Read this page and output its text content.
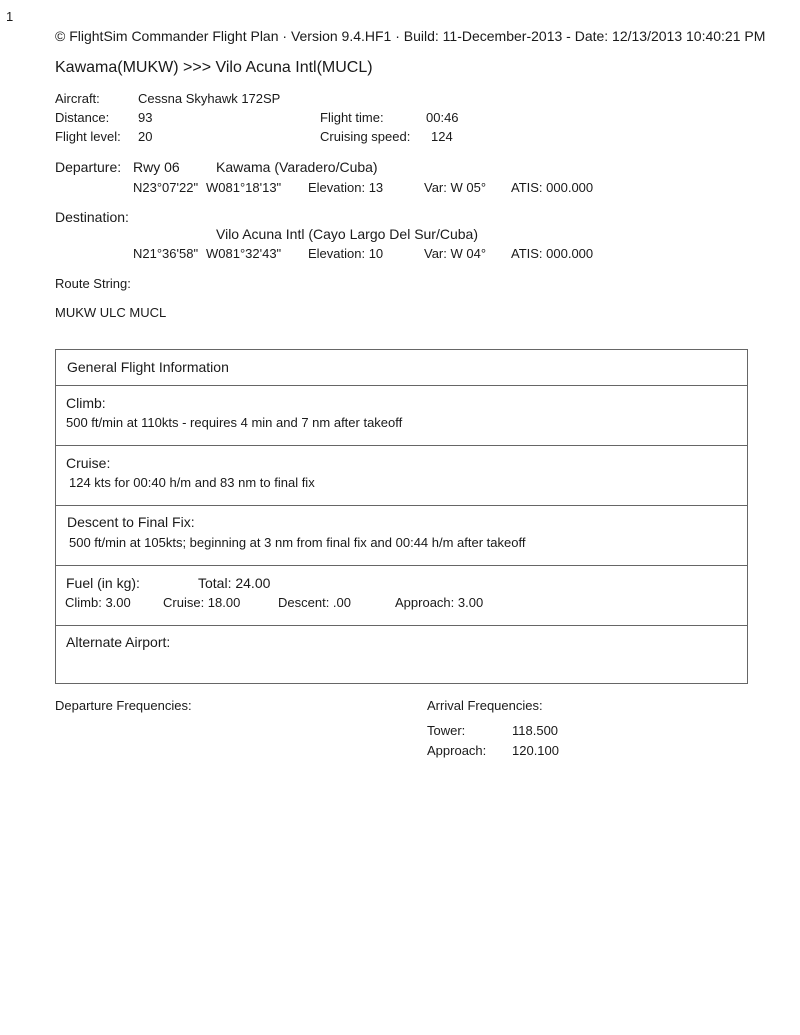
1
© FlightSim Commander Flight Plan · Version 9.4.HF1 · Build: 11-December-2013 - Date: 12/13/2013 10:40:21 PM
Kawama(MUKW) >>> Vilo Acuna Intl(MUCL)
Aircraft:	Cessna Skyhawk 172SP
Distance: 93	Flight time:	00:46
Flight level: 20	Cruising speed: 124
Departure: Rwy 06	Kawama (Varadero/Cuba)
N23°07'22" W081°18'13" Elevation: 13	Var: W 05° ATIS: 000.000
Destination:
Vilo Acuna Intl (Cayo Largo Del Sur/Cuba)
N21°36'58" W081°32'43" Elevation: 10	Var: W 04° ATIS: 000.000
Route String:
MUKW ULC MUCL
General Flight Information
Climb:
500 ft/min at 110kts - requires 4 min and 7 nm after takeoff
Cruise:
124 kts for 00:40 h/m and 83 nm to final fix
Descent to Final Fix:
500 ft/min at 105kts; beginning at 3 nm from final fix and 00:44 h/m after takeoff
Fuel (in kg):	Total: 24.00
Climb: 3.00 Cruise: 18.00	Descent: .00	Approach: 3.00
Alternate Airport:
Departure Frequencies:	Arrival Frequencies:
Tower:	118.500
Approach: 120.100
